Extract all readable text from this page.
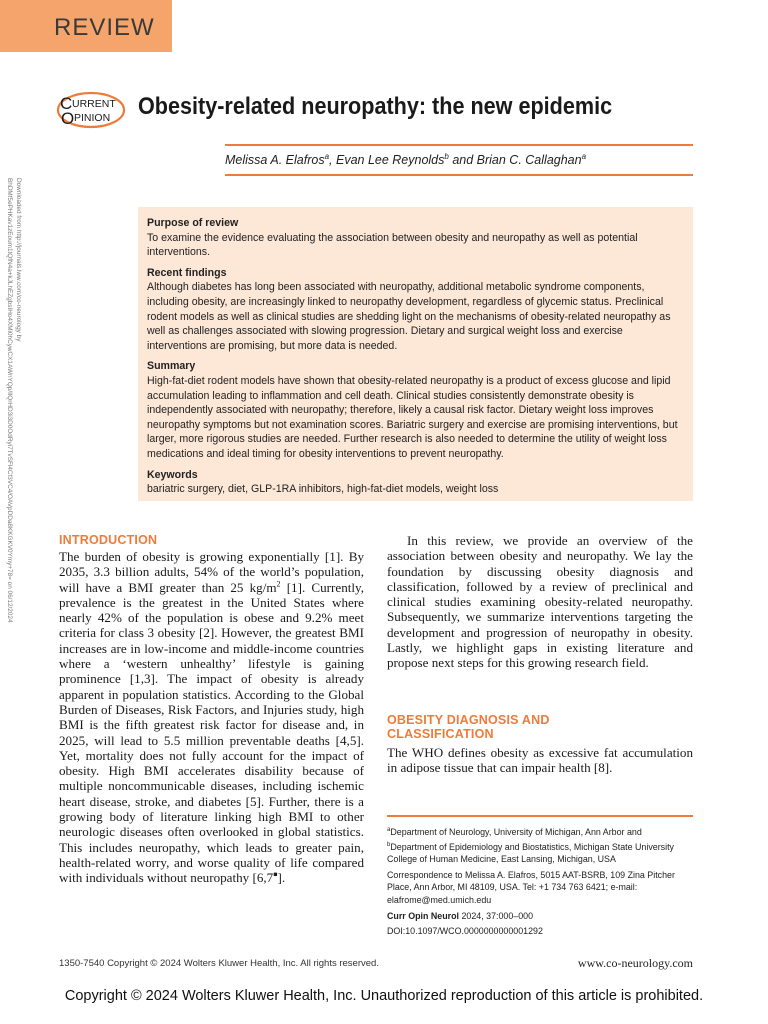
REVIEW
C URRENT
O PINION Obesity-related neuropathy: the new epidemic
Melissa A. Elafros$^a$, Evan Lee Reynolds$^b$ and Brian C. Callaghan$^a$
Downloaded from http://journals.lww.com/co-neurology by BhDMf5ePHKav1zEoum1tQfN4a+kJLhEZgbsIHo4XMi0hCywCX1AWnYQp/IlQrHD3i3D0OdRyi7TvSFl4Cf3VC4/OAVpDDa8KKGKV0Ymy+78= on 06/12/2024	Purpose of review

To examine the evidence evaluating the association between obesity and neuropathy as well as potential interventions.

Recent findings

Although diabetes has long been associated with neuropathy, additional metabolic syndrome components, including obesity, are increasingly linked to neuropathy development, regardless of glycemic status. Preclinical rodent models as well as clinical studies are shedding light on the mechanisms of obesity-related neuropathy as well as challenges associated with slowing progression. Dietary and surgical weight loss and exercise interventions are promising, but more data is needed.

Summary

High-fat-diet rodent models have shown that obesity-related neuropathy is a product of excess glucose and lipid accumulation leading to inflammation and cell death. Clinical studies consistently demonstrate obesity is independently associated with neuropathy; therefore, likely a causal risk factor. Dietary weight loss improves neuropathy symptoms but not examination scores. Bariatric surgery and exercise are promising interventions, but larger, more rigorous studies are needed. Further research is also needed to determine the utility of weight loss medications and ideal timing for obesity interventions to prevent neuropathy.

Keywords

bariatric surgery, diet, GLP-1RA inhibitors, high-fat-diet models, weight loss

INTRODUCTION

The burden of obesity is growing exponentially [1]. By 2035, 3.3 billion adults, 54% of the world’s population, will have a BMI greater than 25 $kg/m^2$ [1]. Currently, prevalence is the greatest in the United States where nearly 42% of the population is obese and 9.2% meet criteria for class 3 obesity [2]. However, the greatest BMI increases are in low-income and middle-income countries where a ‘western unhealthy’ lifestyle is gaining prominence [1,3]. The impact of obesity is already apparent in population statistics. According to the Global Burden of Diseases, Risk Factors, and Injuries study, high BMI is the fifth greatest risk factor for disease and, in 2025, will lead to 5.5 million preventable deaths [4,5]. Yet, mortality does not fully account for the impact of obesity. High BMI accelerates disability because of multiple noncommunicable diseases, including ischemic heart disease, stroke, and diabetes [5]. Further, there is a growing body of literature linking high BMI to other neurologic diseases often overlooked in global statistics. This includes neuropathy, which leads to greater pain, health-related worry, and worse quality of life compared with individuals without neuropathy [6,7■].

In this review, we provide an overview of the association between obesity and neuropathy. We lay the foundation by discussing obesity diagnosis and classification, followed by a review of preclinical and clinical studies examining obesity-related neuropathy. Subsequently, we summarize interventions targeting the development and progression of neuropathy in obesity. Lastly, we highlight gaps in existing literature and propose next steps for this growing research field.

OBESITY DIAGNOSIS AND
CLASSIFICATION

The WHO defines obesity as excessive fat accumulation in adipose tissue that can impair health [8].

$^a$Department of Neurology, University of Michigan, Ann Arbor and $^b$Department of Epidemiology and Biostatistics, Michigan State University College of Human Medicine, East Lansing, Michigan, USA

Correspondence to Melissa A. Elafros, 5015 AAT-BSRB, 109 Zina Pitcher Place, Ann Arbor, MI 48109, USA. Tel: +1 734 763 6421; e-mail: elafrome@med.umich.edu

Curr Opin Neurol 2024, 37:000–000

DOI:10.1097/WCO.0000000000001292

1350-7540 Copyright © 2024 Wolters Kluwer Health, Inc. All rights reserved.	www.co-neurology.com
Copyright © 2024 Wolters Kluwer Health, Inc. Unauthorized reproduction of this article is prohibited.
